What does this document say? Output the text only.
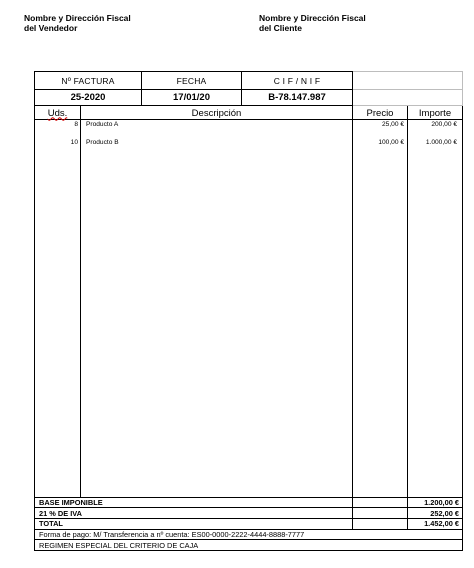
Nombre y Dirección Fiscal
del Vendedor
Nombre y Dirección Fiscal
del Cliente
Nº FACTURA	FECHA	C I F / N I F
25-2020	17/01/20	B-78.147.987
Uds.	Descripción	Precio	Importe
8 Producto A	25,00 €	200,00 €
10 Producto B	100,00 €	1.000,00 €
BASE IMPONIBLE	1.200,00 €
21 % DE IVA	252,00 €
TOTAL	1.452,00 €
Forma de pago: M/ Transferencia a nº cuenta: ES00-0000-2222-4444-8888-7777
REGIMEN ESPECIAL DEL CRITERIO DE CAJA
